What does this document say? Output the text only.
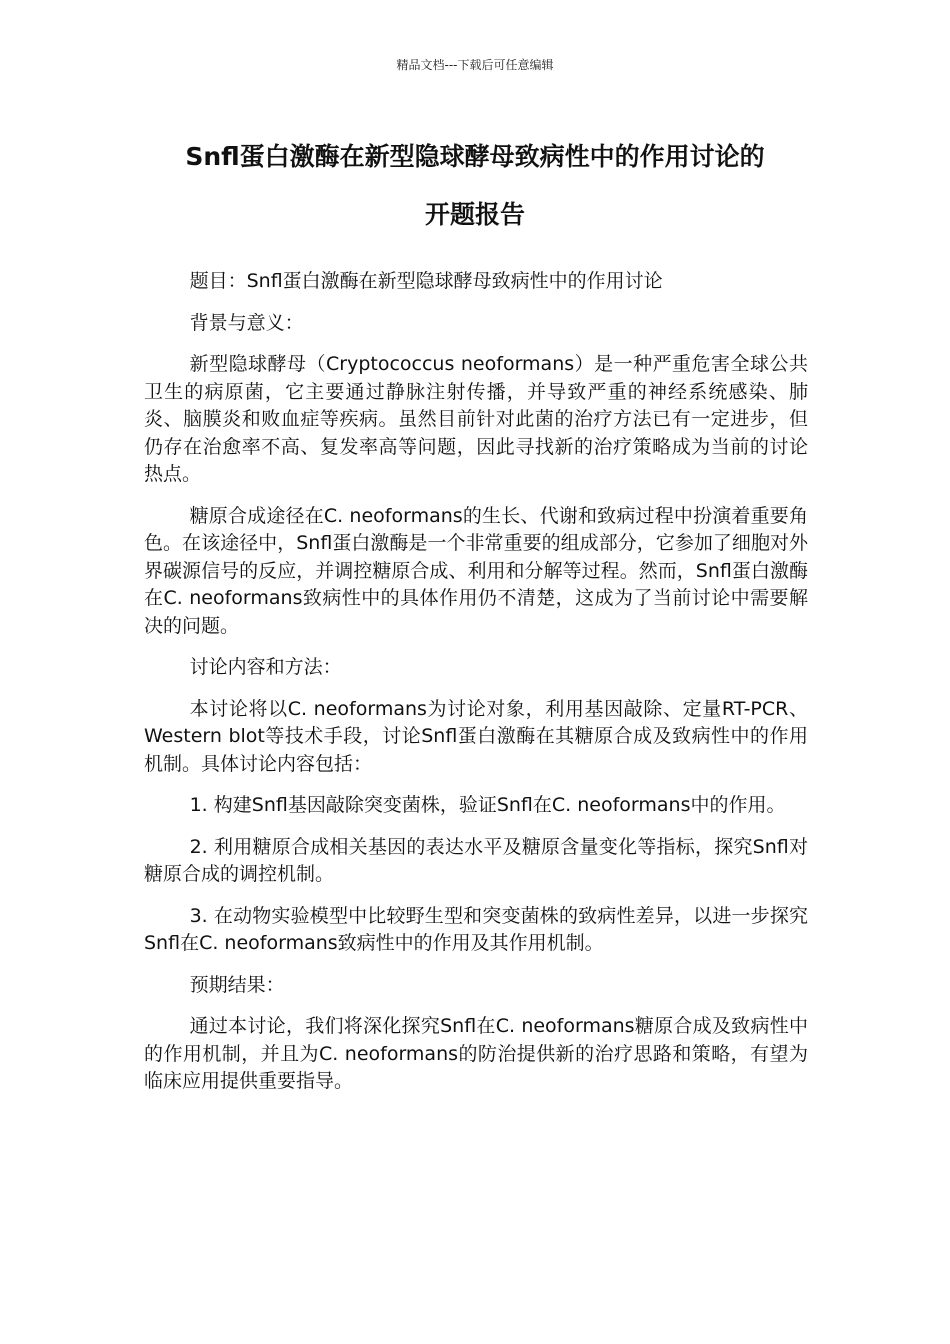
精品文档---下载后可任意编辑
Snfl蛋白激酶在新型隐球酵母致病性中的作用讨论的
开题报告

题目：Snfl蛋白激酶在新型隐球酵母致病性中的作用讨论

背景与意义：

新型隐球酵母（Cryptococcus neoformans）是一种严重危害全球公共卫生的病原菌，它主要通过静脉注射传播，并导致严重的神经系统感染、肺炎、脑膜炎和败血症等疾病。虽然目前针对此菌的治疗方法已有一定进步，但仍存在治愈率不高、复发率高等问题，因此寻找新的治疗策略成为当前的讨论热点。

糖原合成途径在C. neoformans的生长、代谢和致病过程中扮演着重要角色。在该途径中，Snfl蛋白激酶是一个非常重要的组成部分，它参加了细胞对外界碳源信号的反应，并调控糖原合成、利用和分解等过程。然而，Snfl蛋白激酶在C. neoformans致病性中的具体作用仍不清楚，这成为了当前讨论中需要解决的问题。

讨论内容和方法：

本讨论将以C. neoformans为讨论对象，利用基因敲除、定量RT-PCR、Western blot等技术手段，讨论Snfl蛋白激酶在其糖原合成及致病性中的作用机制。具体讨论内容包括：

1. 构建Snfl基因敲除突变菌株，验证Snfl在C. neoformans中的作用。

2. 利用糖原合成相关基因的表达水平及糖原含量变化等指标，探究Snfl对糖原合成的调控机制。

3. 在动物实验模型中比较野生型和突变菌株的致病性差异，以进一步探究Snfl在C. neoformans致病性中的作用及其作用机制。

预期结果：

通过本讨论，我们将深化探究Snfl在C. neoformans糖原合成及致病性中的作用机制，并且为C. neoformans的防治提供新的治疗思路和策略，有望为临床应用提供重要指导。
